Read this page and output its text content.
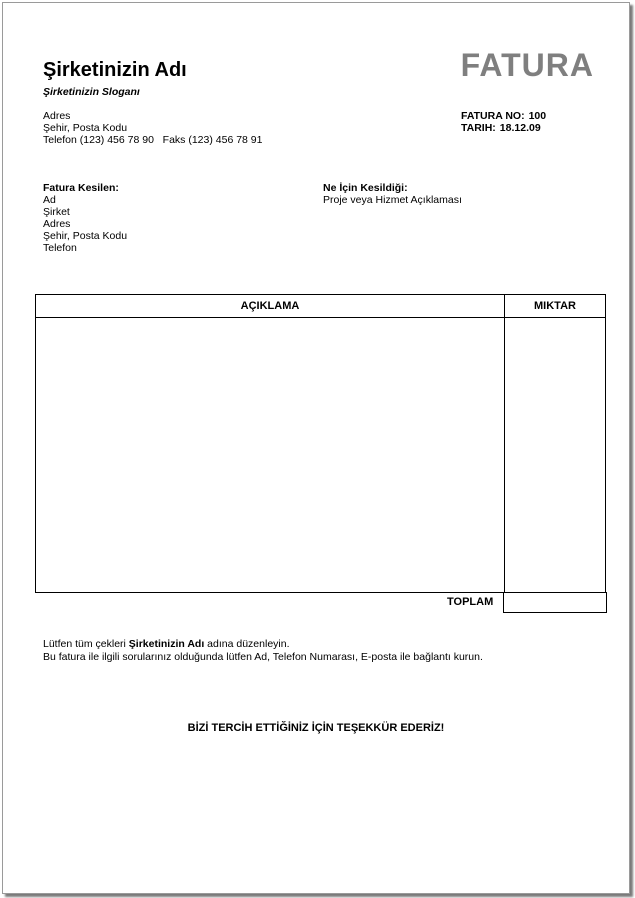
Şirketinizin Adı
Şirketinizin Sloganı
Adres
Şehir, Posta Kodu
Telefon (123) 456 78 90   Faks (123) 456 78 91
FATURA
FATURA NO: 100
TARIH: 18.12.09
Fatura Kesilen:
Ad
Şirket
Adres
Şehir, Posta Kodu
Telefon
Ne İçin Kesildiği:
Proje veya Hizmet Açıklaması
AÇIKLAMA	MIKTAR
TOPLAM
Lütfen tüm çekleri Şirketinizin Adı adına düzenleyin.
Bu fatura ile ilgili sorularınız olduğunda lütfen Ad, Telefon Numarası, E-posta ile bağlantı kurun.
BİZİ TERCİH ETTİĞİNİZ İÇİN TEŞEKKÜR EDERİZ!
